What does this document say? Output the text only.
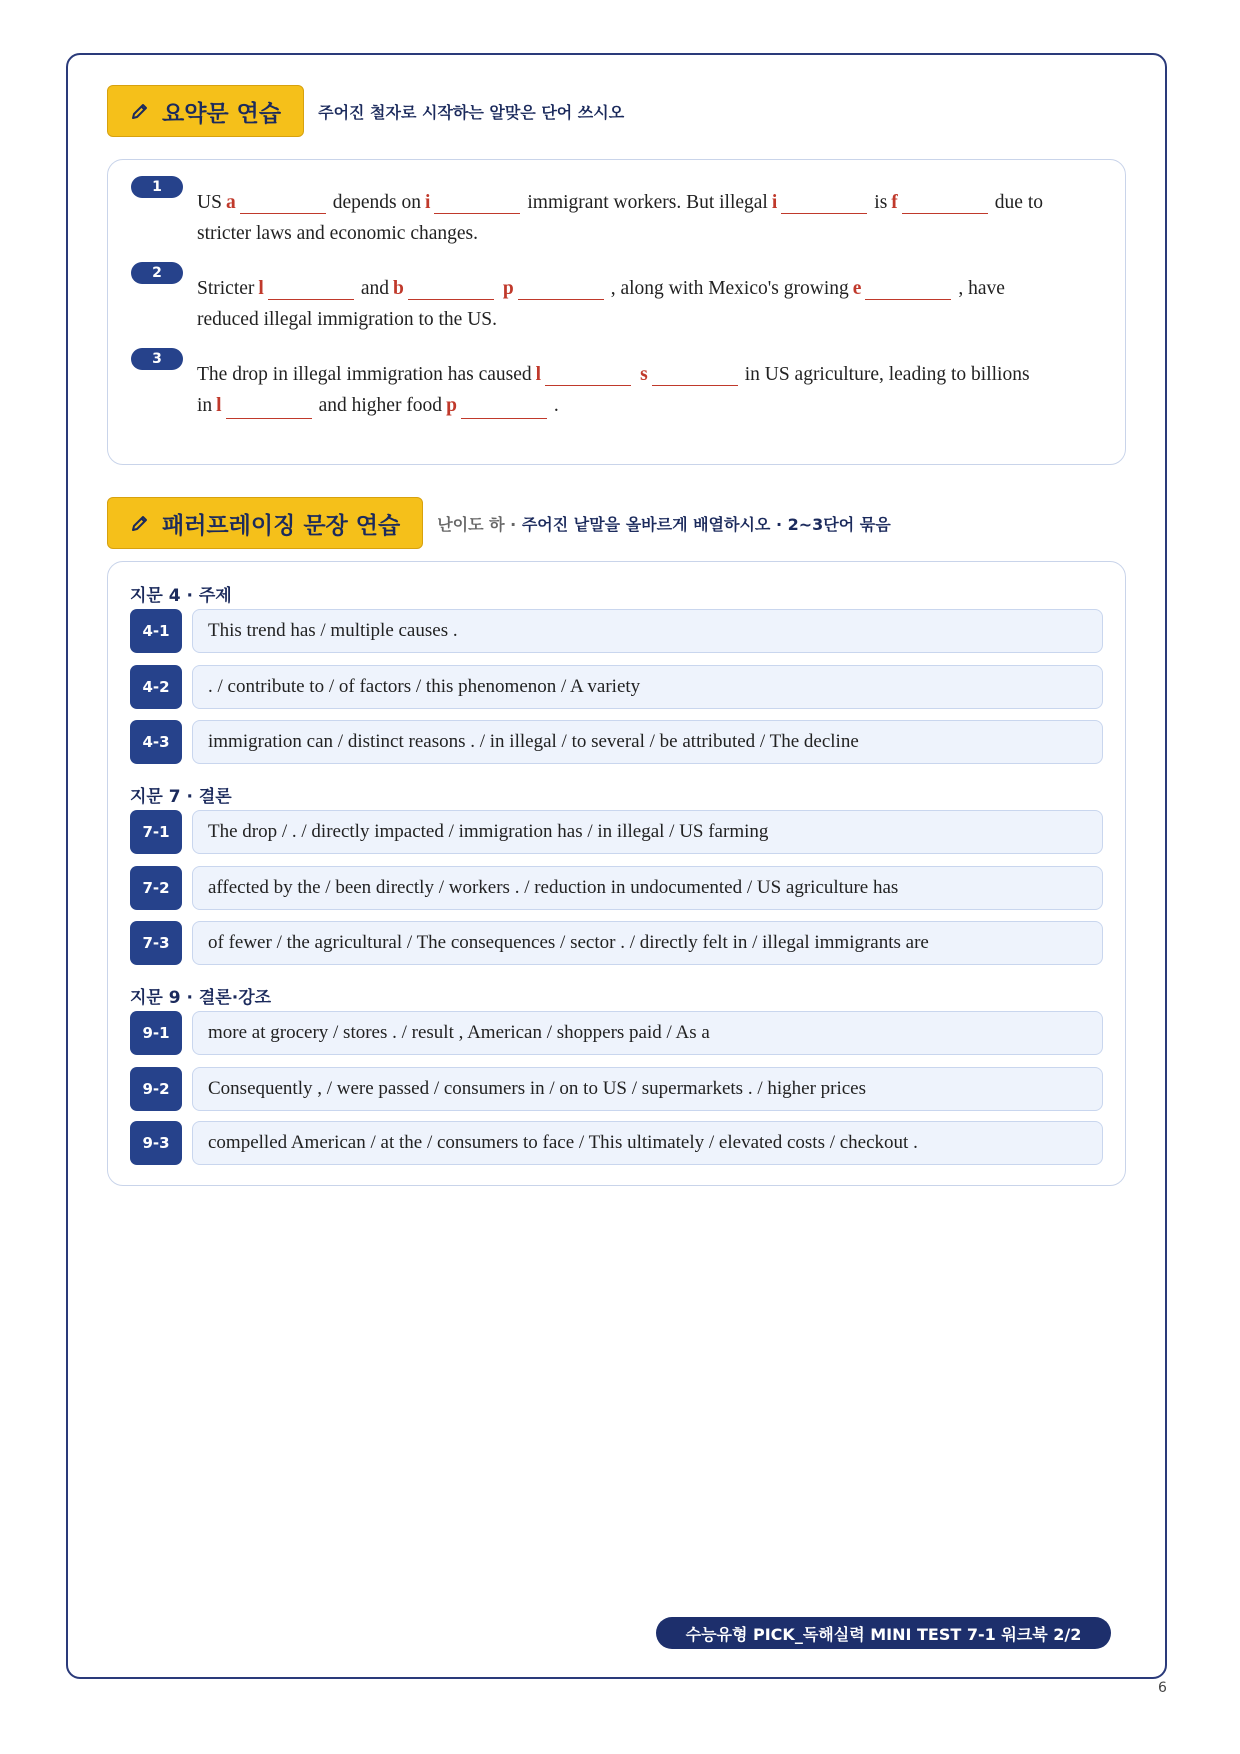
요약문 연습 주어진 철자로 시작하는 알맞은 단어 쓰시오
1
US a	depends on i	immigrant workers. But illegal i	is f	due to
stricter laws and economic changes.
2
Stricter l	and b	p	, along with Mexico's growing e	, have
reduced illegal immigration to the US.
3
The drop in illegal immigration has caused l	s	in US agriculture, leading to billions
in l	and higher food p	.
패러프레이징 문장 연습 난이도 하 · 주어진 낱말을 올바르게 배열하시오 · 2~3단어 묶음
지문 4 · 주제
4-1	This trend has / multiple causes .
4-2	. / contribute to / of factors / this phenomenon / A variety
4-3	immigration can / distinct reasons . / in illegal / to several / be attributed / The decline
지문 7 · 결론
7-1	The drop / . / directly impacted / immigration has / in illegal / US farming
7-2	affected by the / been directly / workers . / reduction in undocumented / US agriculture has
7-3	of fewer / the agricultural / The consequences / sector . / directly felt in / illegal immigrants are
지문 9 · 결론·강조
9-1	more at grocery / stores . / result , American / shoppers paid / As a
9-2	Consequently , / were passed / consumers in / on to US / supermarkets . / higher prices
9-3	compelled American / at the / consumers to face / This ultimately / elevated costs / checkout .
수능유형 PICK_독해실력 MINI TEST 7-1 워크북 2/2
6
